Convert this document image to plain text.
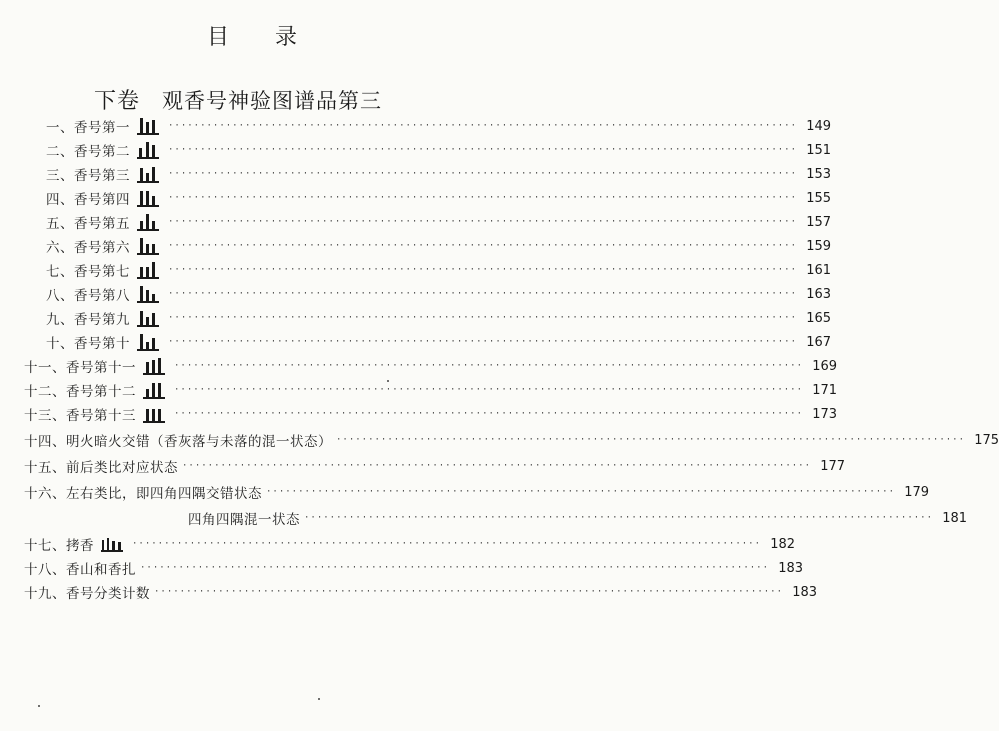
目 录
下卷 观香号神验图谱品第三
一、香号第一	·································································································· 149
二、香号第二	·································································································· 151
三、香号第三	·································································································· 153
四、香号第四	·································································································· 155
五、香号第五	·································································································· 157
六、香号第六	·································································································· 159
七、香号第七	·································································································· 161
八、香号第八	·································································································· 163
九、香号第九	·································································································· 165
十、香号第十	·································································································· 167
十一、香号第十一	·································································································· 169
十二、香号第十二	·································································································· 171
十三、香号第十三	·································································································· 173
十四、明火暗火交错（香灰落与未落的混一状态） ·································································································· 175
十五、前后类比对应状态 ·································································································· 177
十六、左右类比，即四角四隅交错状态 ·································································································· 179
四角四隅混一状态 ·································································································· 181
十七、拷香	·································································································· 182
十八、香山和香扎 ·································································································· 183
十九、香号分类计数 ·································································································· 183
